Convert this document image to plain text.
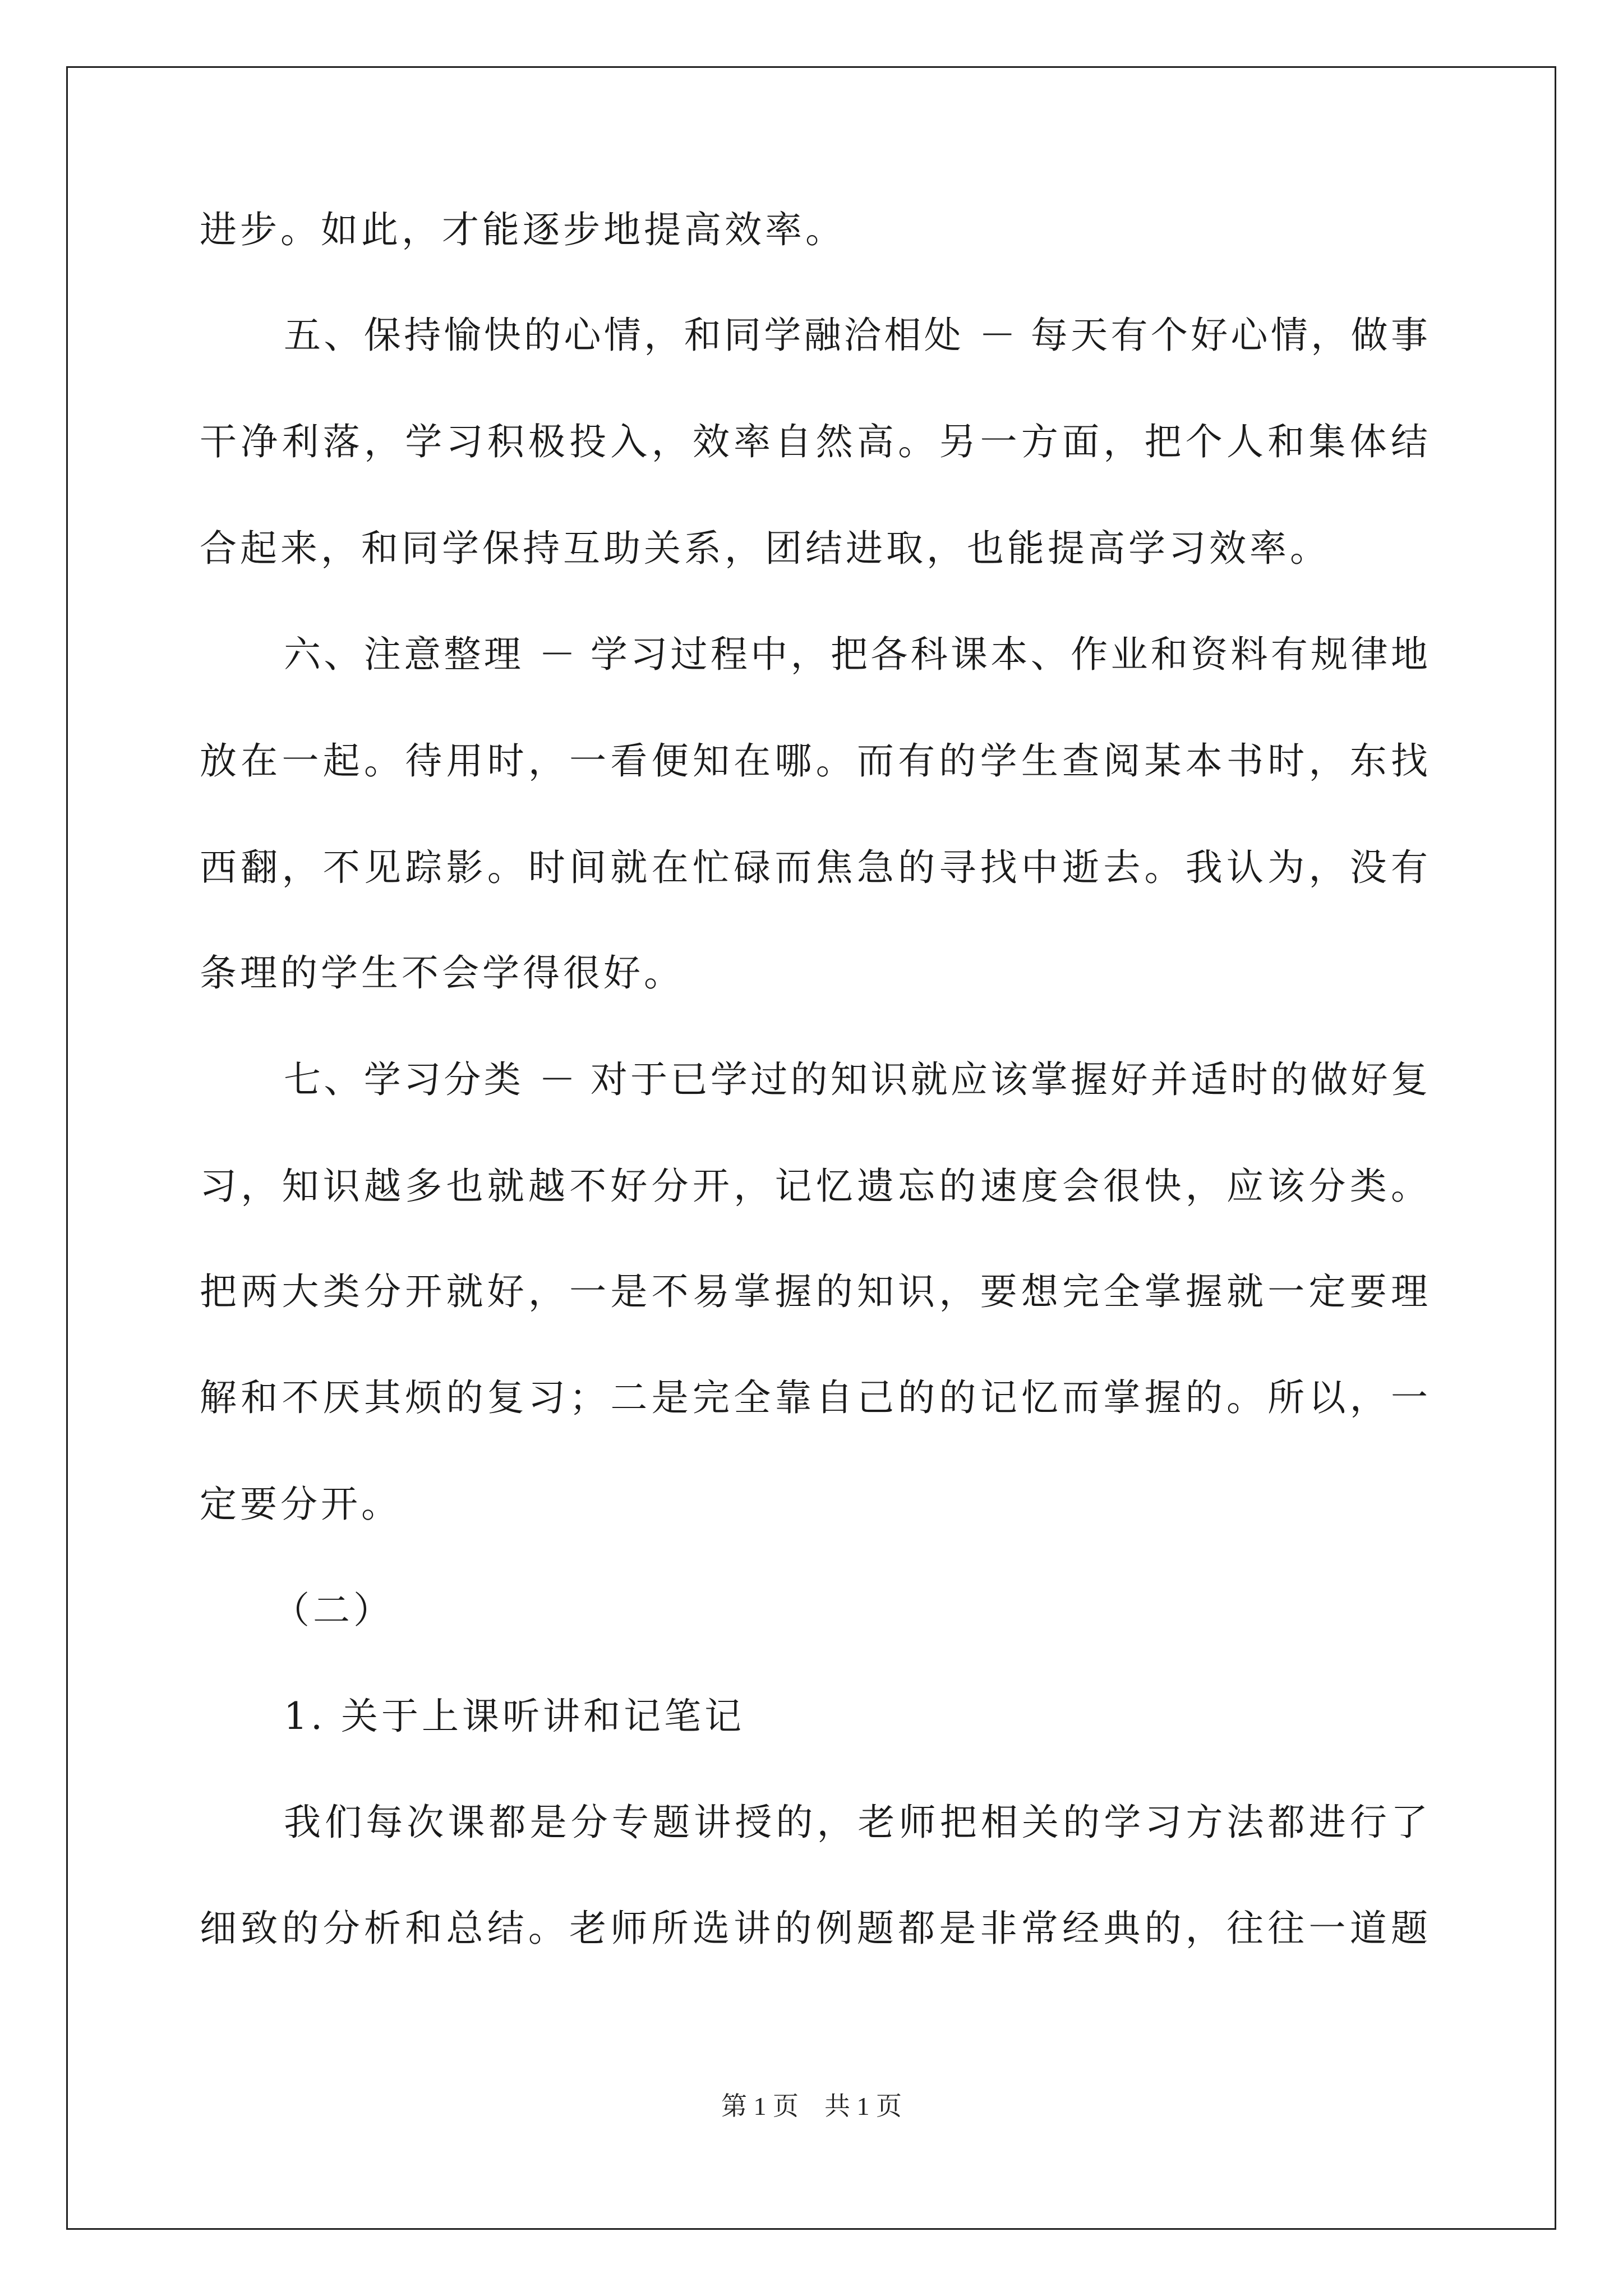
进步。如此，才能逐步地提高效率。
五、保持愉快的心情，和同学融洽相处 － 每天有个好心情，做事
干净利落，学习积极投入，效率自然高。另一方面，把个人和集体结
合起来，和同学保持互助关系，团结进取，也能提高学习效率。
六、注意整理 － 学习过程中，把各科课本、作业和资料有规律地
放在一起。待用时，一看便知在哪。而有的学生查阅某本书时，东找
西翻，不见踪影。时间就在忙碌而焦急的寻找中逝去。我认为，没有
条理的学生不会学得很好。
七、学习分类 － 对于已学过的知识就应该掌握好并适时的做好复
习，知识越多也就越不好分开，记忆遗忘的速度会很快，应该分类。
把两大类分开就好，一是不易掌握的知识，要想完全掌握就一定要理
解和不厌其烦的复习；二是完全靠自己的的记忆而掌握的。所以，一
定要分开。
（二）
1. 关于上课听讲和记笔记
我们每次课都是分专题讲授的，老师把相关的学习方法都进行了
细致的分析和总结。老师所选讲的例题都是非常经典的，往往一道题
第 1 页　共 1 页
